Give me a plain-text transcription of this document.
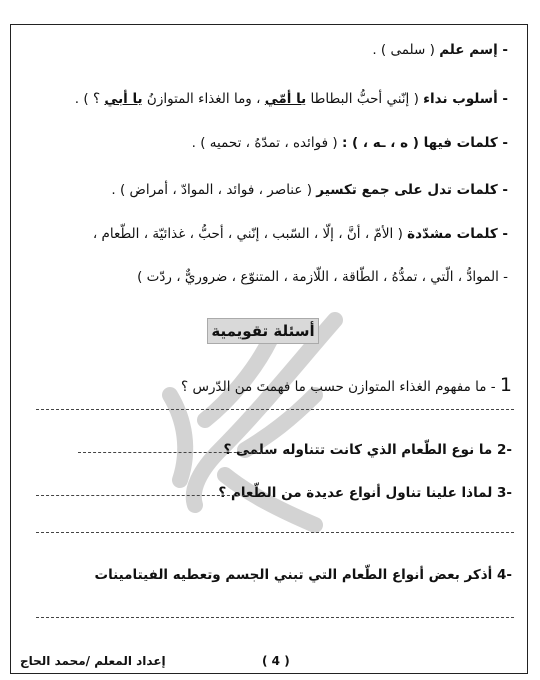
- إسم علم ( سلمى ) .
- أسلوب نداء ( إنّني أحبُّ البطاطا يا أمّي ، وما الغذاء المتوازنُ يا أبي ؟ ) .
- كلمات فيها ( ه ، ـه ، ) : ( فوائده ، تمدّهُ ، تحميه ) .
- كلمات تدل على جمع تكسير ( عناصر ، فوائد ، الموادّ ، أمراض ) .
- كلمات مشدّدة ( الأمّ ، أنَّ ، إلّا ، السّبب ، إنّني ، أحبُّ ، غذائيّة ، الطّعام ،
- الموادُّ ، الّتي ، تمدُّهُ ، الطّاقة ، اللّازمة ، المتنوّع ، ضروريٌّ ، ردّت )
أسئلة تقويمية
1 - ما مفهوم الغذاء المتوازن حسب ما فهمتَ من الدّرس ؟
-2 ما نوع الطّعام الذي كانت تتناوله سلمى ؟
-3 لماذا علينا تناول أنواع عديدة من الطّعام ؟
-4 أذكر بعض أنواع الطّعام التي تبني الجسم وتعطيه الفيتامينات
( 4 )
إعداد المعلم /محمد الحاج
